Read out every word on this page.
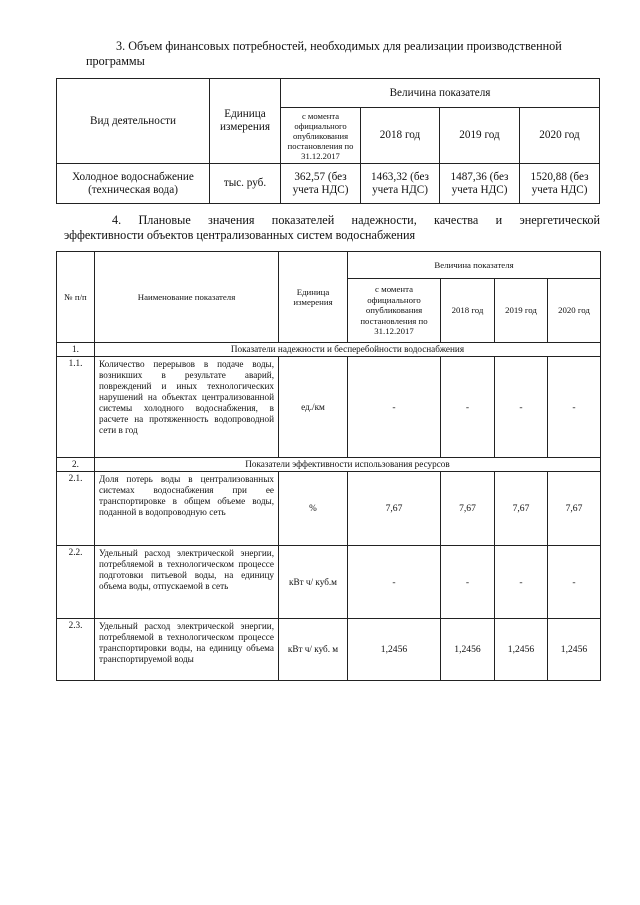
3. Объем финансовых потребностей, необходимых для реализации производственной
программы
Вид деятельности	Единица измерения	Величина показателя			
		с момента официального опубликования постановления по 31.12.2017	2018 год	2019 год	2020 год
Холодное водоснабжение (техническая вода)	тыс. руб.	362,57 (без учета НДС)	1463,32 (без учета НДС)	1487,36 (без учета НДС)	1520,88 (без учета НДС)
4. Плановые значения показателей надежности, качества и энергетической
эффективности объектов централизованных систем водоснабжения
№ п/п	Наименование показателя	Единица измерения	Величина показателя			
			с момента официального опубликования постановления по 31.12.2017	2018 год	2019 год	2020 год
1.	Показатели надежности и бесперебойности водоснабжения					
1.1.	Количество перерывов в подаче воды, возникших в результате аварий, повреждений и иных технологических нарушений на объектах централизованной системы холодного водоснабжения, в расчете на протяженность водопроводной сети в год	ед./км	-	-	-	-
2.	Показатели эффективности использования ресурсов					
2.1.	Доля потерь воды в централизованных системах водоснабжения при ее транспортировке в общем объеме воды, поданной в водопроводную сеть	%	7,67	7,67	7,67	7,67
2.2.	Удельный расход электрической энергии, потребляемой в технологическом процессе подготовки питьевой воды, на единицу объема воды, отпускаемой в сеть	кВт ч/ куб.м	-	-	-	-
2.3.	Удельный расход электрической энергии, потребляемой в технологическом процессе транспортировки воды, на единицу объема транспортируемой воды	кВт ч/ куб. м	1,2456	1,2456	1,2456	1,2456
